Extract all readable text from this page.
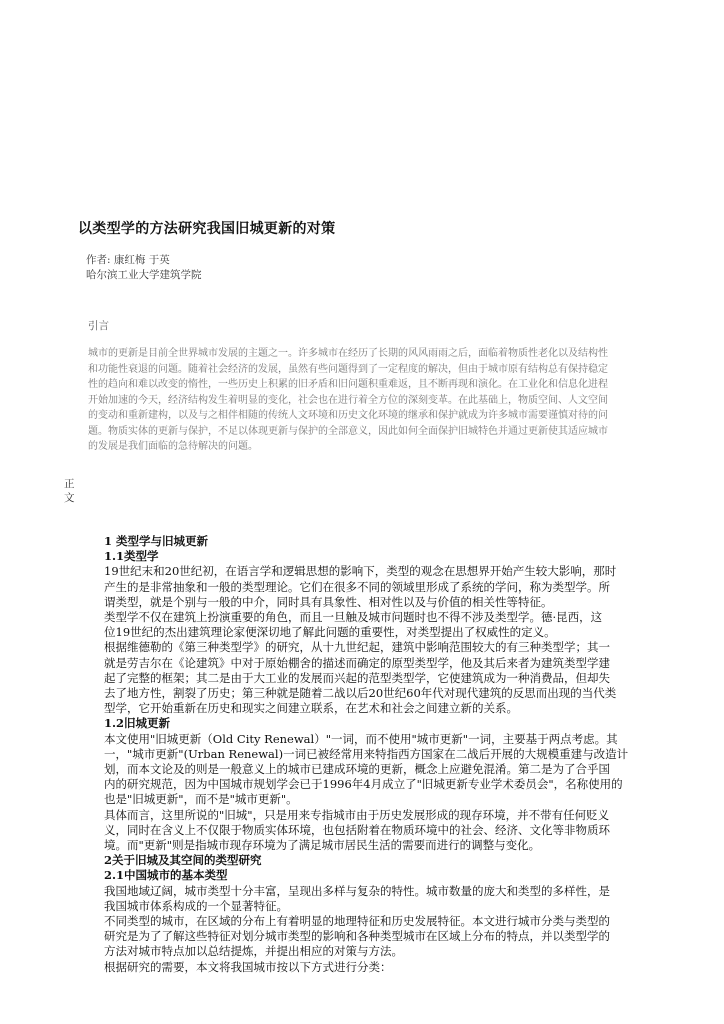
以类型学的方法研究我国旧城更新的对策
作者: 康红梅 于英
哈尔滨工业大学建筑学院
引言
城市的更新是目前全世界城市发展的主题之一。许多城市在经历了长期的风风雨雨之后，面临着物质性老化以及结构性
和功能性衰退的问题。随着社会经济的发展，虽然有些问题得到了一定程度的解决，但由于城市原有结构总有保持稳定
性的趋向和难以改变的惰性，一些历史上积累的旧矛盾和旧问题积重难返，且不断再现和演化。在工业化和信息化进程
开始加速的今天，经济结构发生着明显的变化，社会也在进行着全方位的深刻变革。在此基础上，物质空间、人文空间
的变动和重新建构，以及与之相伴相随的传统人文环境和历史文化环境的继承和保护就成为许多城市需要谨慎对待的问
题。物质实体的更新与保护，不足以体现更新与保护的全部意义，因此如何全面保护旧城特色并通过更新使其适应城市
的发展是我们面临的急待解决的问题。
正
文
1 类型学与旧城更新
1.1类型学
19世纪末和20世纪初，在语言学和逻辑思想的影响下，类型的观念在思想界开始产生较大影响，那时
产生的是非常抽象和一般的类型理论。它们在很多不同的领域里形成了系统的学问，称为类型学。所
谓类型，就是个别与一般的中介，同时具有具象性、相对性以及与价值的相关性等特征。
类型学不仅在建筑上扮演重要的角色，而且一旦触及城市问题时也不得不涉及类型学。德·昆西，这
位19世纪的杰出建筑理论家便深切地了解此问题的重要性，对类型提出了权威性的定义。
根据维德勒的《第三种类型学》的研究，从十九世纪起，建筑中影响范围较大的有三种类型学；其一
就是劳吉尔在《论建筑》中对于原始棚舍的描述而确定的原型类型学，他及其后来者为建筑类型学建
起了完整的框架；其二是由于大工业的发展而兴起的范型类型学，它使建筑成为一种消费品，但却失
去了地方性，割裂了历史；第三种就是随着二战以后20世纪60年代对现代建筑的反思而出现的当代类
型学，它开始重新在历史和现实之间建立联系，在艺术和社会之间建立新的关系。
1.2旧城更新
本文使用"旧城更新（Old City Renewal）"一词，而不使用"城市更新"一词，主要基于两点考虑。其
一，"城市更新"(Urban Renewal)一词已被经常用来特指西方国家在二战后开展的大规模重建与改造计
划，而本文论及的则是一般意义上的城市已建成环境的更新，概念上应避免混淆。第二是为了合乎国
内的研究规范，因为中国城市规划学会已于1996年4月成立了"旧城更新专业学术委员会"，名称使用的
也是"旧城更新"，而不是"城市更新"。
具体而言，这里所说的"旧城"，只是用来专指城市由于历史发展形成的现存环境，并不带有任何贬义
义，同时在含义上不仅限于物质实体环境，也包括附着在物质环境中的社会、经济、文化等非物质环
境。而"更新"则是指城市现存环境为了满足城市居民生活的需要而进行的调整与变化。
2关于旧城及其空间的类型研究
2.1中国城市的基本类型
我国地域辽阔，城市类型十分丰富，呈现出多样与复杂的特性。城市数量的庞大和类型的多样性，是
我国城市体系构成的一个显著特征。
不同类型的城市，在区域的分布上有着明显的地理特征和历史发展特征。本文进行城市分类与类型的
研究是为了了解这些特征对划分城市类型的影响和各种类型城市在区域上分布的特点，并以类型学的
方法对城市特点加以总结提炼，并提出相应的对策与方法。
根据研究的需要，本文将我国城市按以下方式进行分类：
